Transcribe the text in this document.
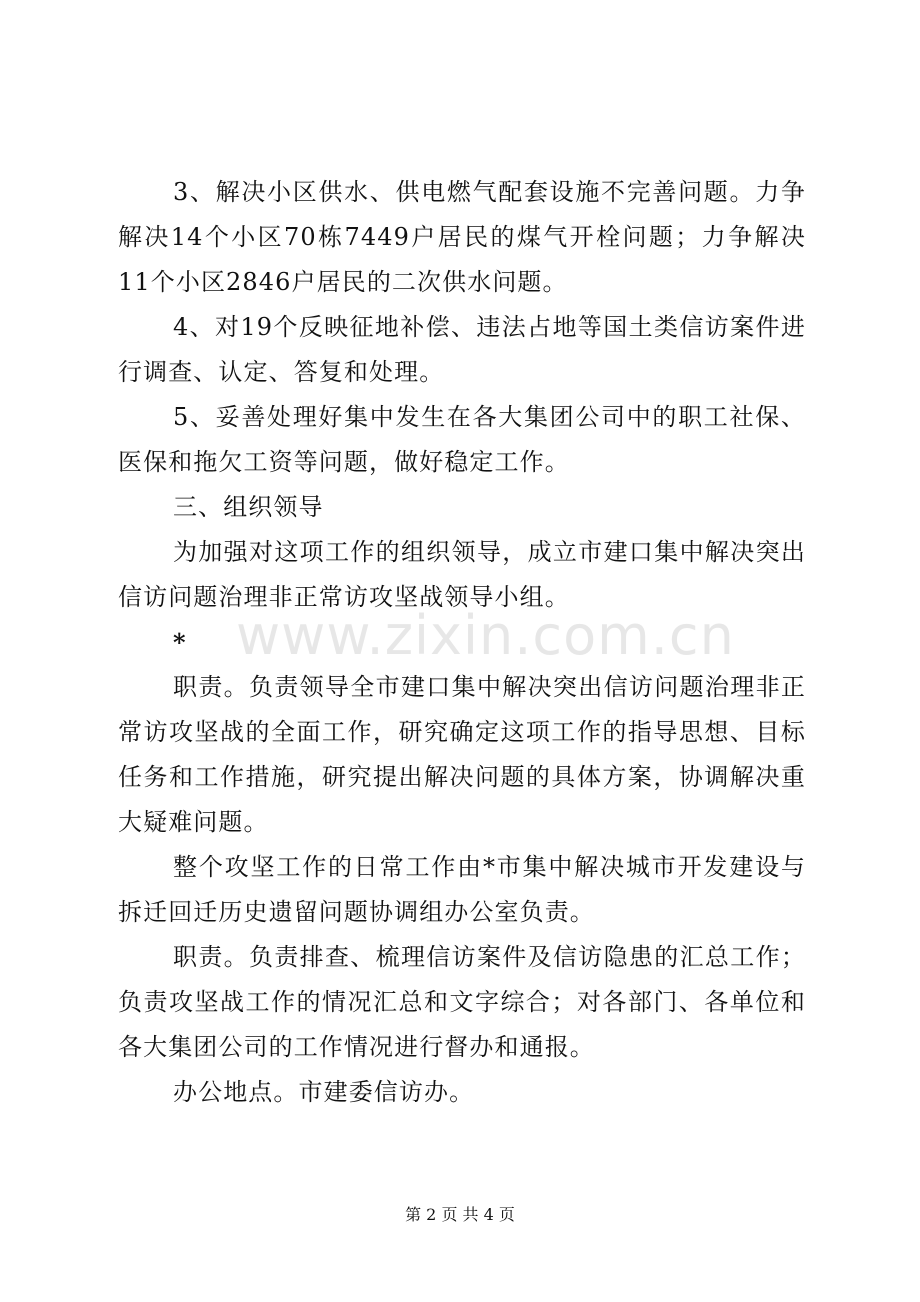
3、解决小区供水、供电燃气配套设施不完善问题。力争解决14个小区70栋7449户居民的煤气开栓问题；力争解决11个小区2846户居民的二次供水问题。

4、对19个反映征地补偿、违法占地等国土类信访案件进行调查、认定、答复和处理。

5、妥善处理好集中发生在各大集团公司中的职工社保、医保和拖欠工资等问题，做好稳定工作。

三、组织领导

为加强对这项工作的组织领导，成立市建口集中解决突出信访问题治理非正常访攻坚战领导小组。

*

职责。负责领导全市建口集中解决突出信访问题治理非正常访攻坚战的全面工作，研究确定这项工作的指导思想、目标任务和工作措施，研究提出解决问题的具体方案，协调解决重大疑难问题。

整个攻坚工作的日常工作由*市集中解决城市开发建设与拆迁回迁历史遗留问题协调组办公室负责。

职责。负责排查、梳理信访案件及信访隐患的汇总工作；负责攻坚战工作的情况汇总和文字综合；对各部门、各单位和各大集团公司的工作情况进行督办和通报。

办公地点。市建委信访办。

www.zixin.com.cn
第 2 页 共 4 页
